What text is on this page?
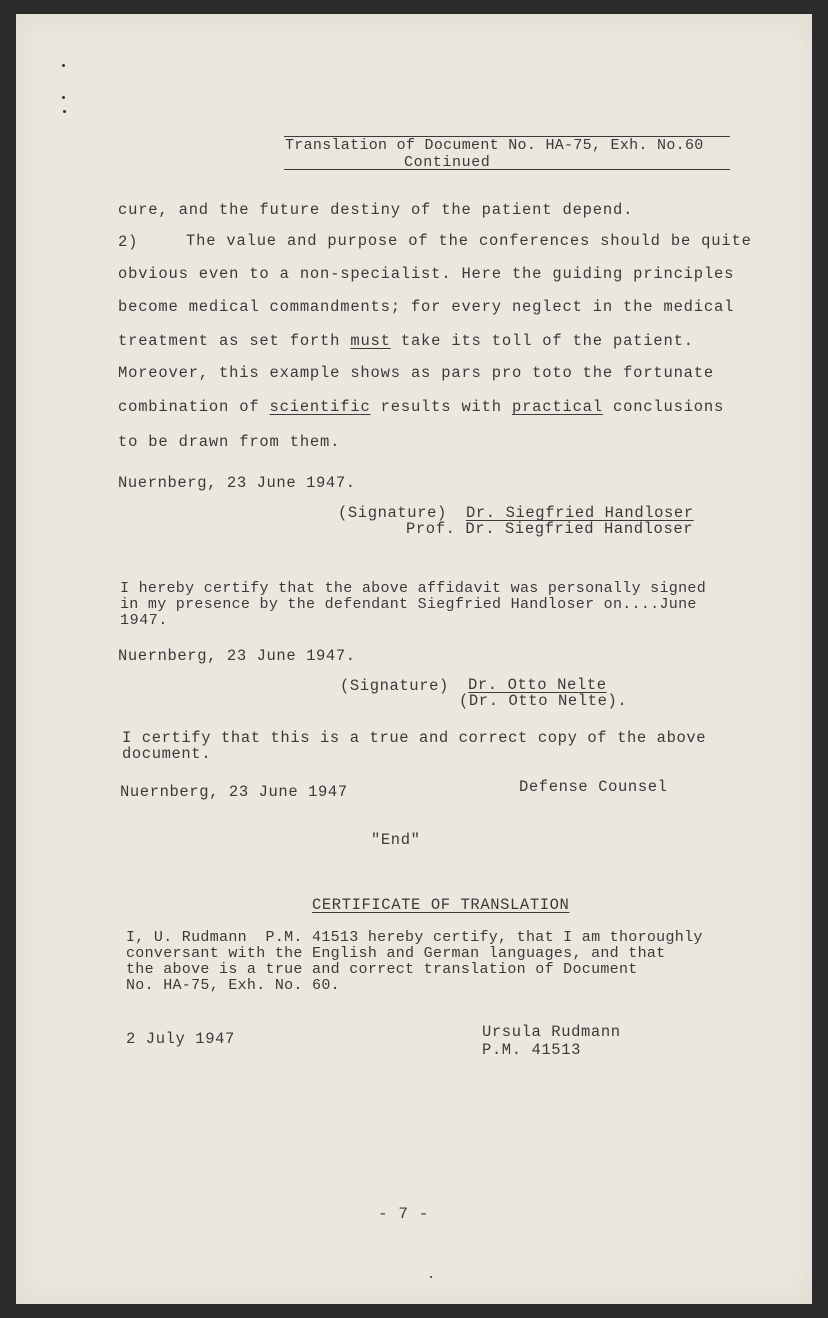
Translation of Document No. HA-75, Exh. No.60
Continued
cure, and the future destiny of the patient depend.
2)	The value and purpose of the conferences should be quite
obvious even to a non-specialist. Here the guiding principles
become medical commandments; for every neglect in the medical
treatment as set forth must take its toll of the patient.
Moreover, this example shows as pars pro toto the fortunate
combination of scientific results with practical conclusions
to be drawn from them.
Nuernberg, 23 June 1947.
(Signature) Dr. Siegfried Handloser
Prof. Dr. Siegfried Handloser
I hereby certify that the above affidavit was personally signed
in my presence by the defendant Siegfried Handloser on....June
1947.
Nuernberg, 23 June 1947.
(Signature) Dr. Otto Nelte
(Dr. Otto Nelte).
I certify that this is a true and correct copy of the above
document.
Nuernberg, 23 June 1947	Defense Counsel
"End"
CERTIFICATE OF TRANSLATION
I, U. Rudmann  P.M. 41513 hereby certify, that I am thoroughly
conversant with the English and German languages, and that
the above is a true and correct translation of Document
No. HA-75, Exh. No. 60.
2 July 1947	Ursula Rudmann
P.M. 41513
- 7 -
